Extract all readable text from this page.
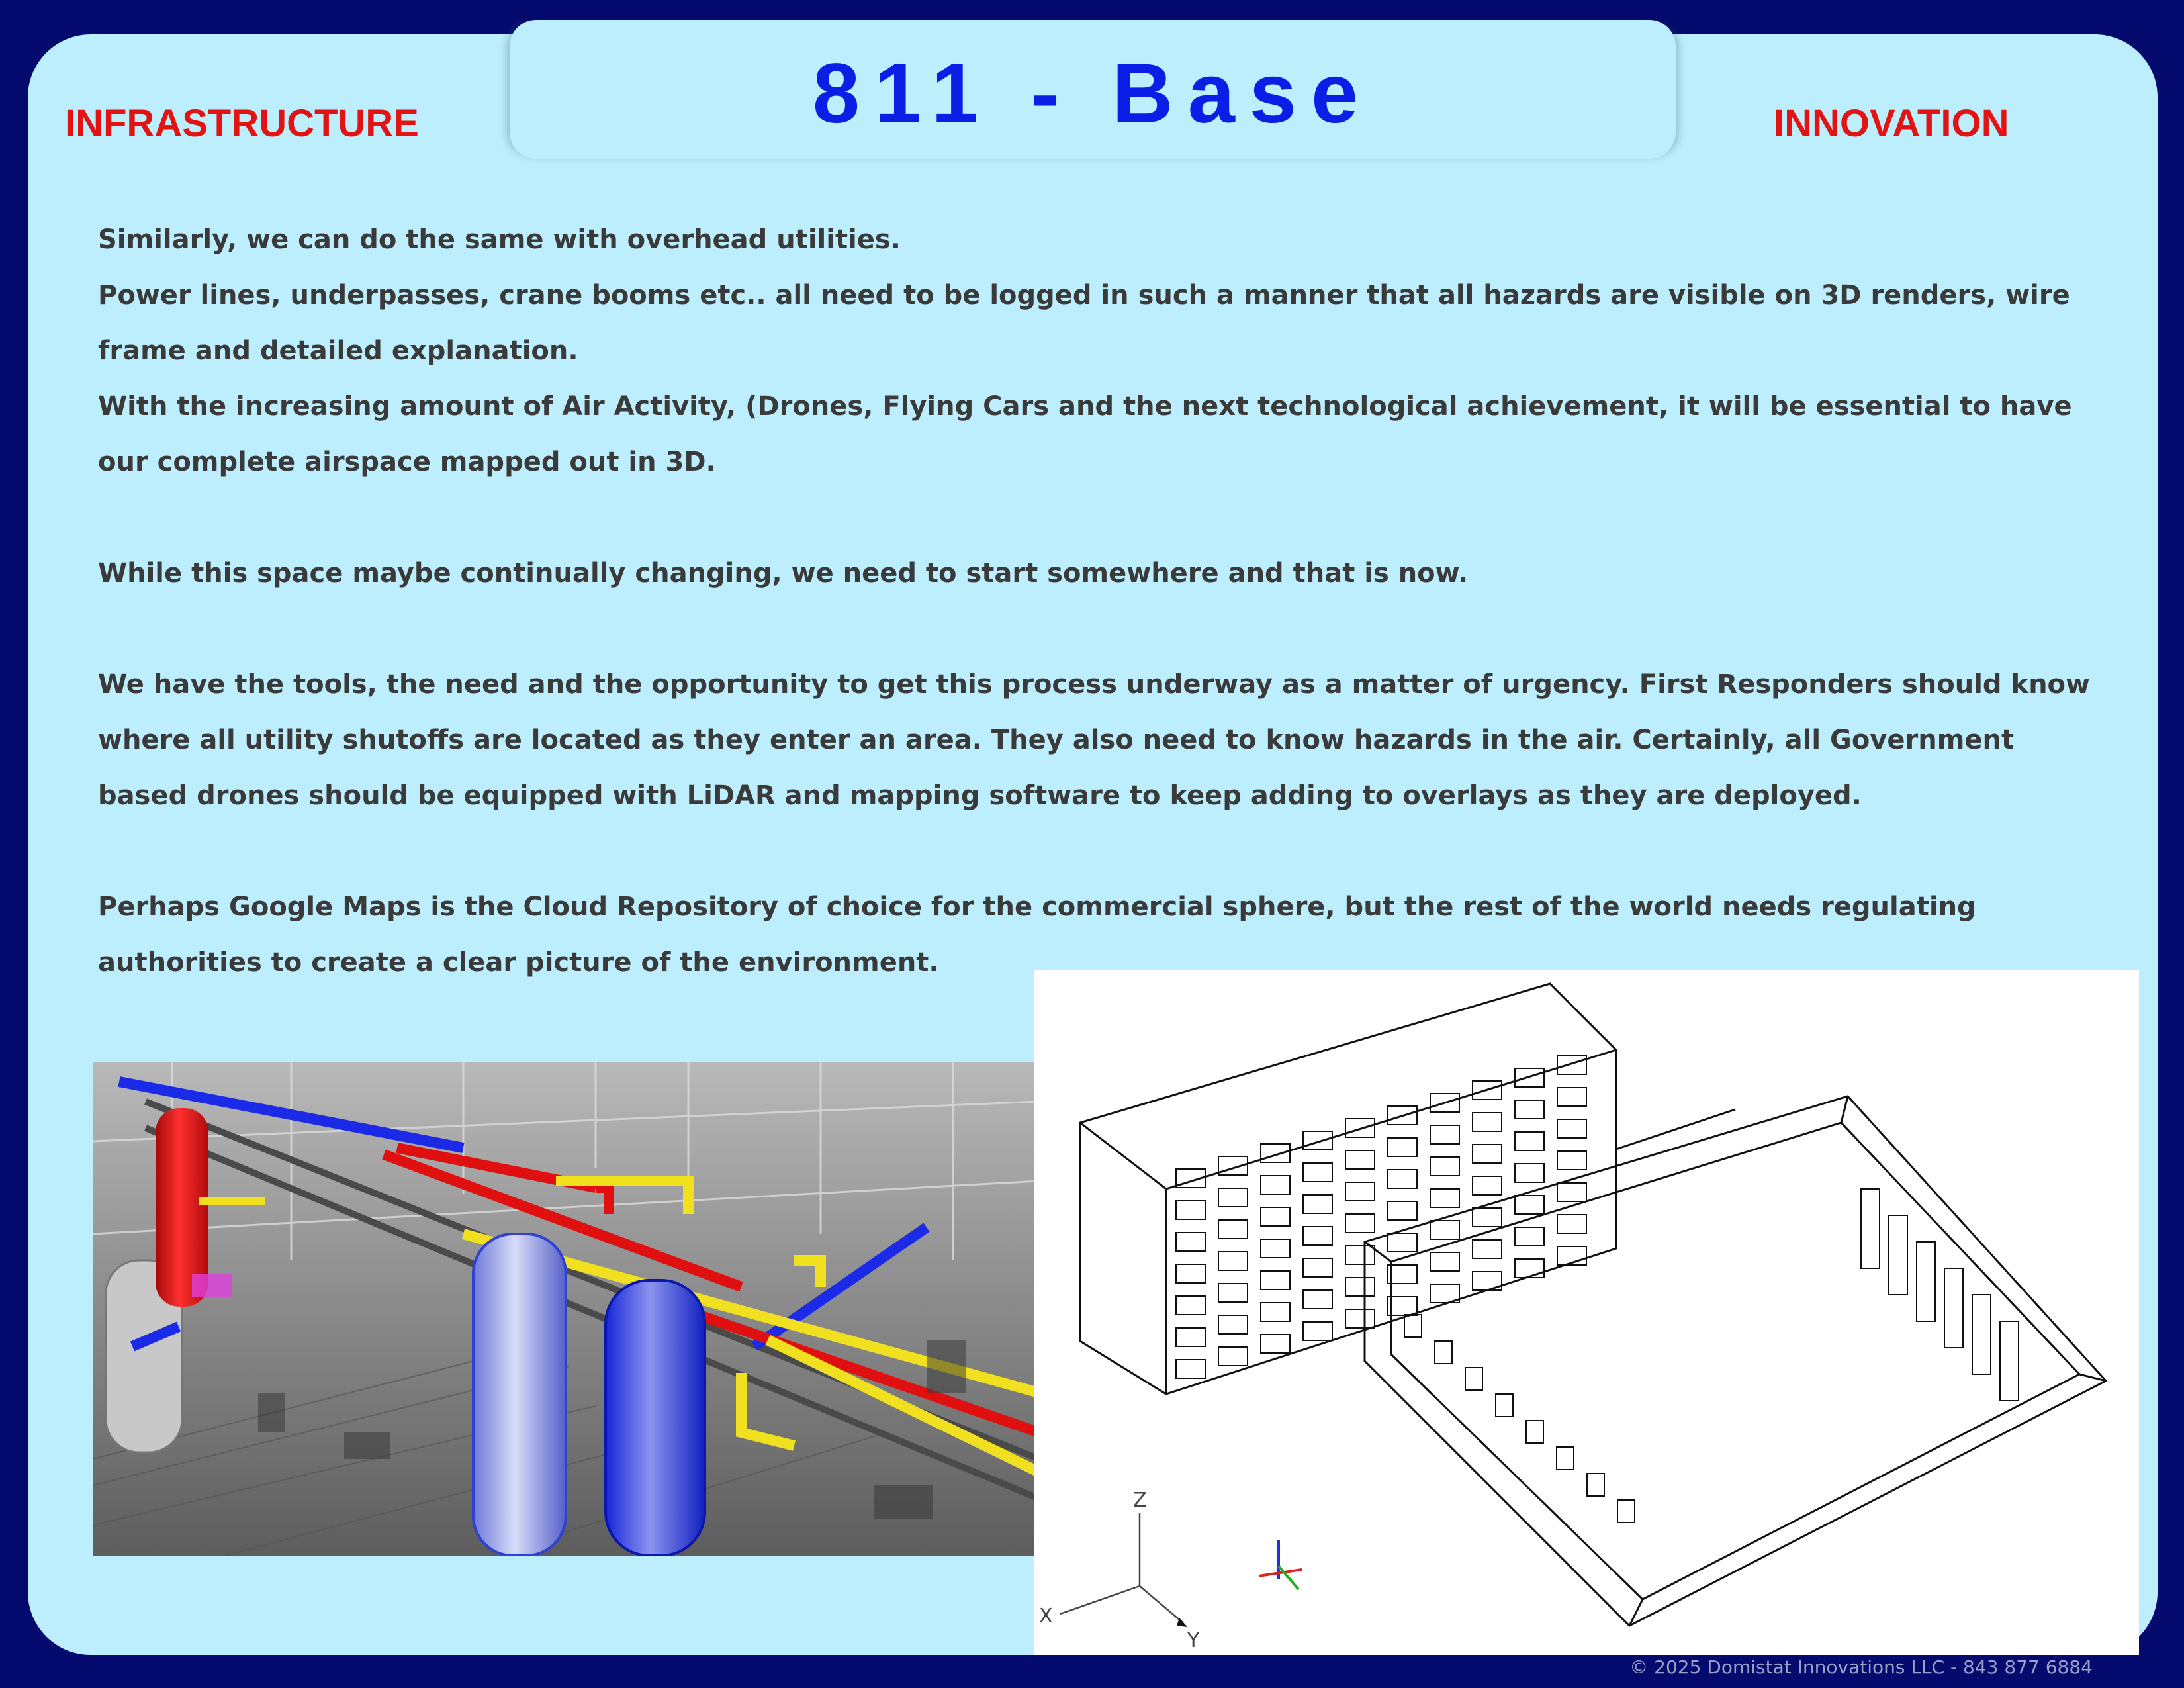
811 - Base
INFRASTRUCTURE	INNOVATION

Similarly, we can do the same with overhead utilities.

Power lines, underpasses, crane booms etc.. all need to be logged in such a manner that all hazards are visible on 3D renders, wire frame and detailed explanation.

With the increasing amount of Air Activity, (Drones, Flying Cars and the next technological achievement, it will be essential to have our complete airspace mapped out in 3D.

While this space maybe continually changing, we need to start somewhere and that is now.

We have the tools, the need and the opportunity to get this process underway as a matter of urgency. First Responders should know where all utility shutoffs are located as they enter an area. They also need to know hazards in the air. Certainly, all Government based drones should be equipped with LiDAR and mapping software to keep adding to overlays as they are deployed.

Perhaps Google Maps is the Cloud Repository of choice for the commercial sphere, but the rest of the world needs regulating authorities to create a clear picture of the environment.

Z
X
Y
© 2025 Domistat Innovations LLC - 843 877 6884
